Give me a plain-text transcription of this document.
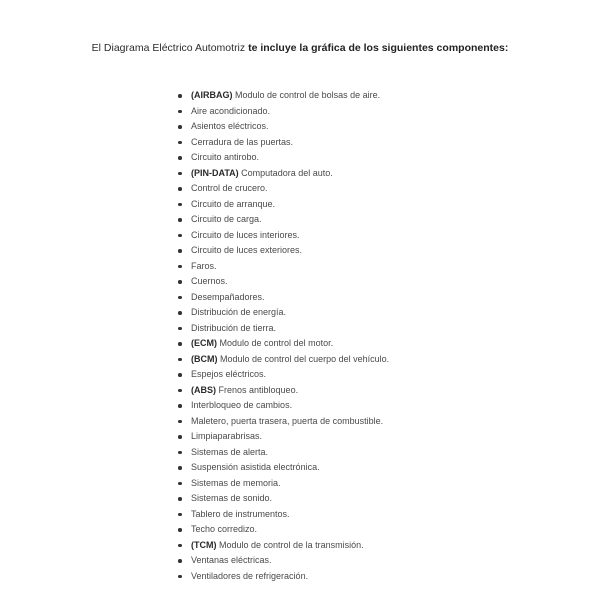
El Diagrama Eléctrico Automotriz te incluye la gráfica de los siguientes componentes:
(AIRBAG) Modulo de control de bolsas de aire.
Aire acondicionado.
Asientos eléctricos.
Cerradura de las puertas.
Circuito antirobo.
(PIN-DATA) Computadora del auto.
Control de crucero.
Circuito de arranque.
Circuito de carga.
Circuito de luces interiores.
Circuito de luces exteriores.
Faros.
Cuernos.
Desempañadores.
Distribución de energía.
Distribución de tierra.
(ECM) Modulo de control del motor.
(BCM) Modulo de control del cuerpo del vehículo.
Espejos eléctricos.
(ABS) Frenos antibloqueo.
Interbloqueo de cambios.
Maletero, puerta trasera, puerta de combustible.
Limpiaparabrisas.
Sistemas de alerta.
Suspensión asistida electrónica.
Sistemas de memoria.
Sistemas de sonido.
Tablero de instrumentos.
Techo corredizo.
(TCM) Modulo de control de la transmisión.
Ventanas eléctricas.
Ventiladores de refrigeración.
